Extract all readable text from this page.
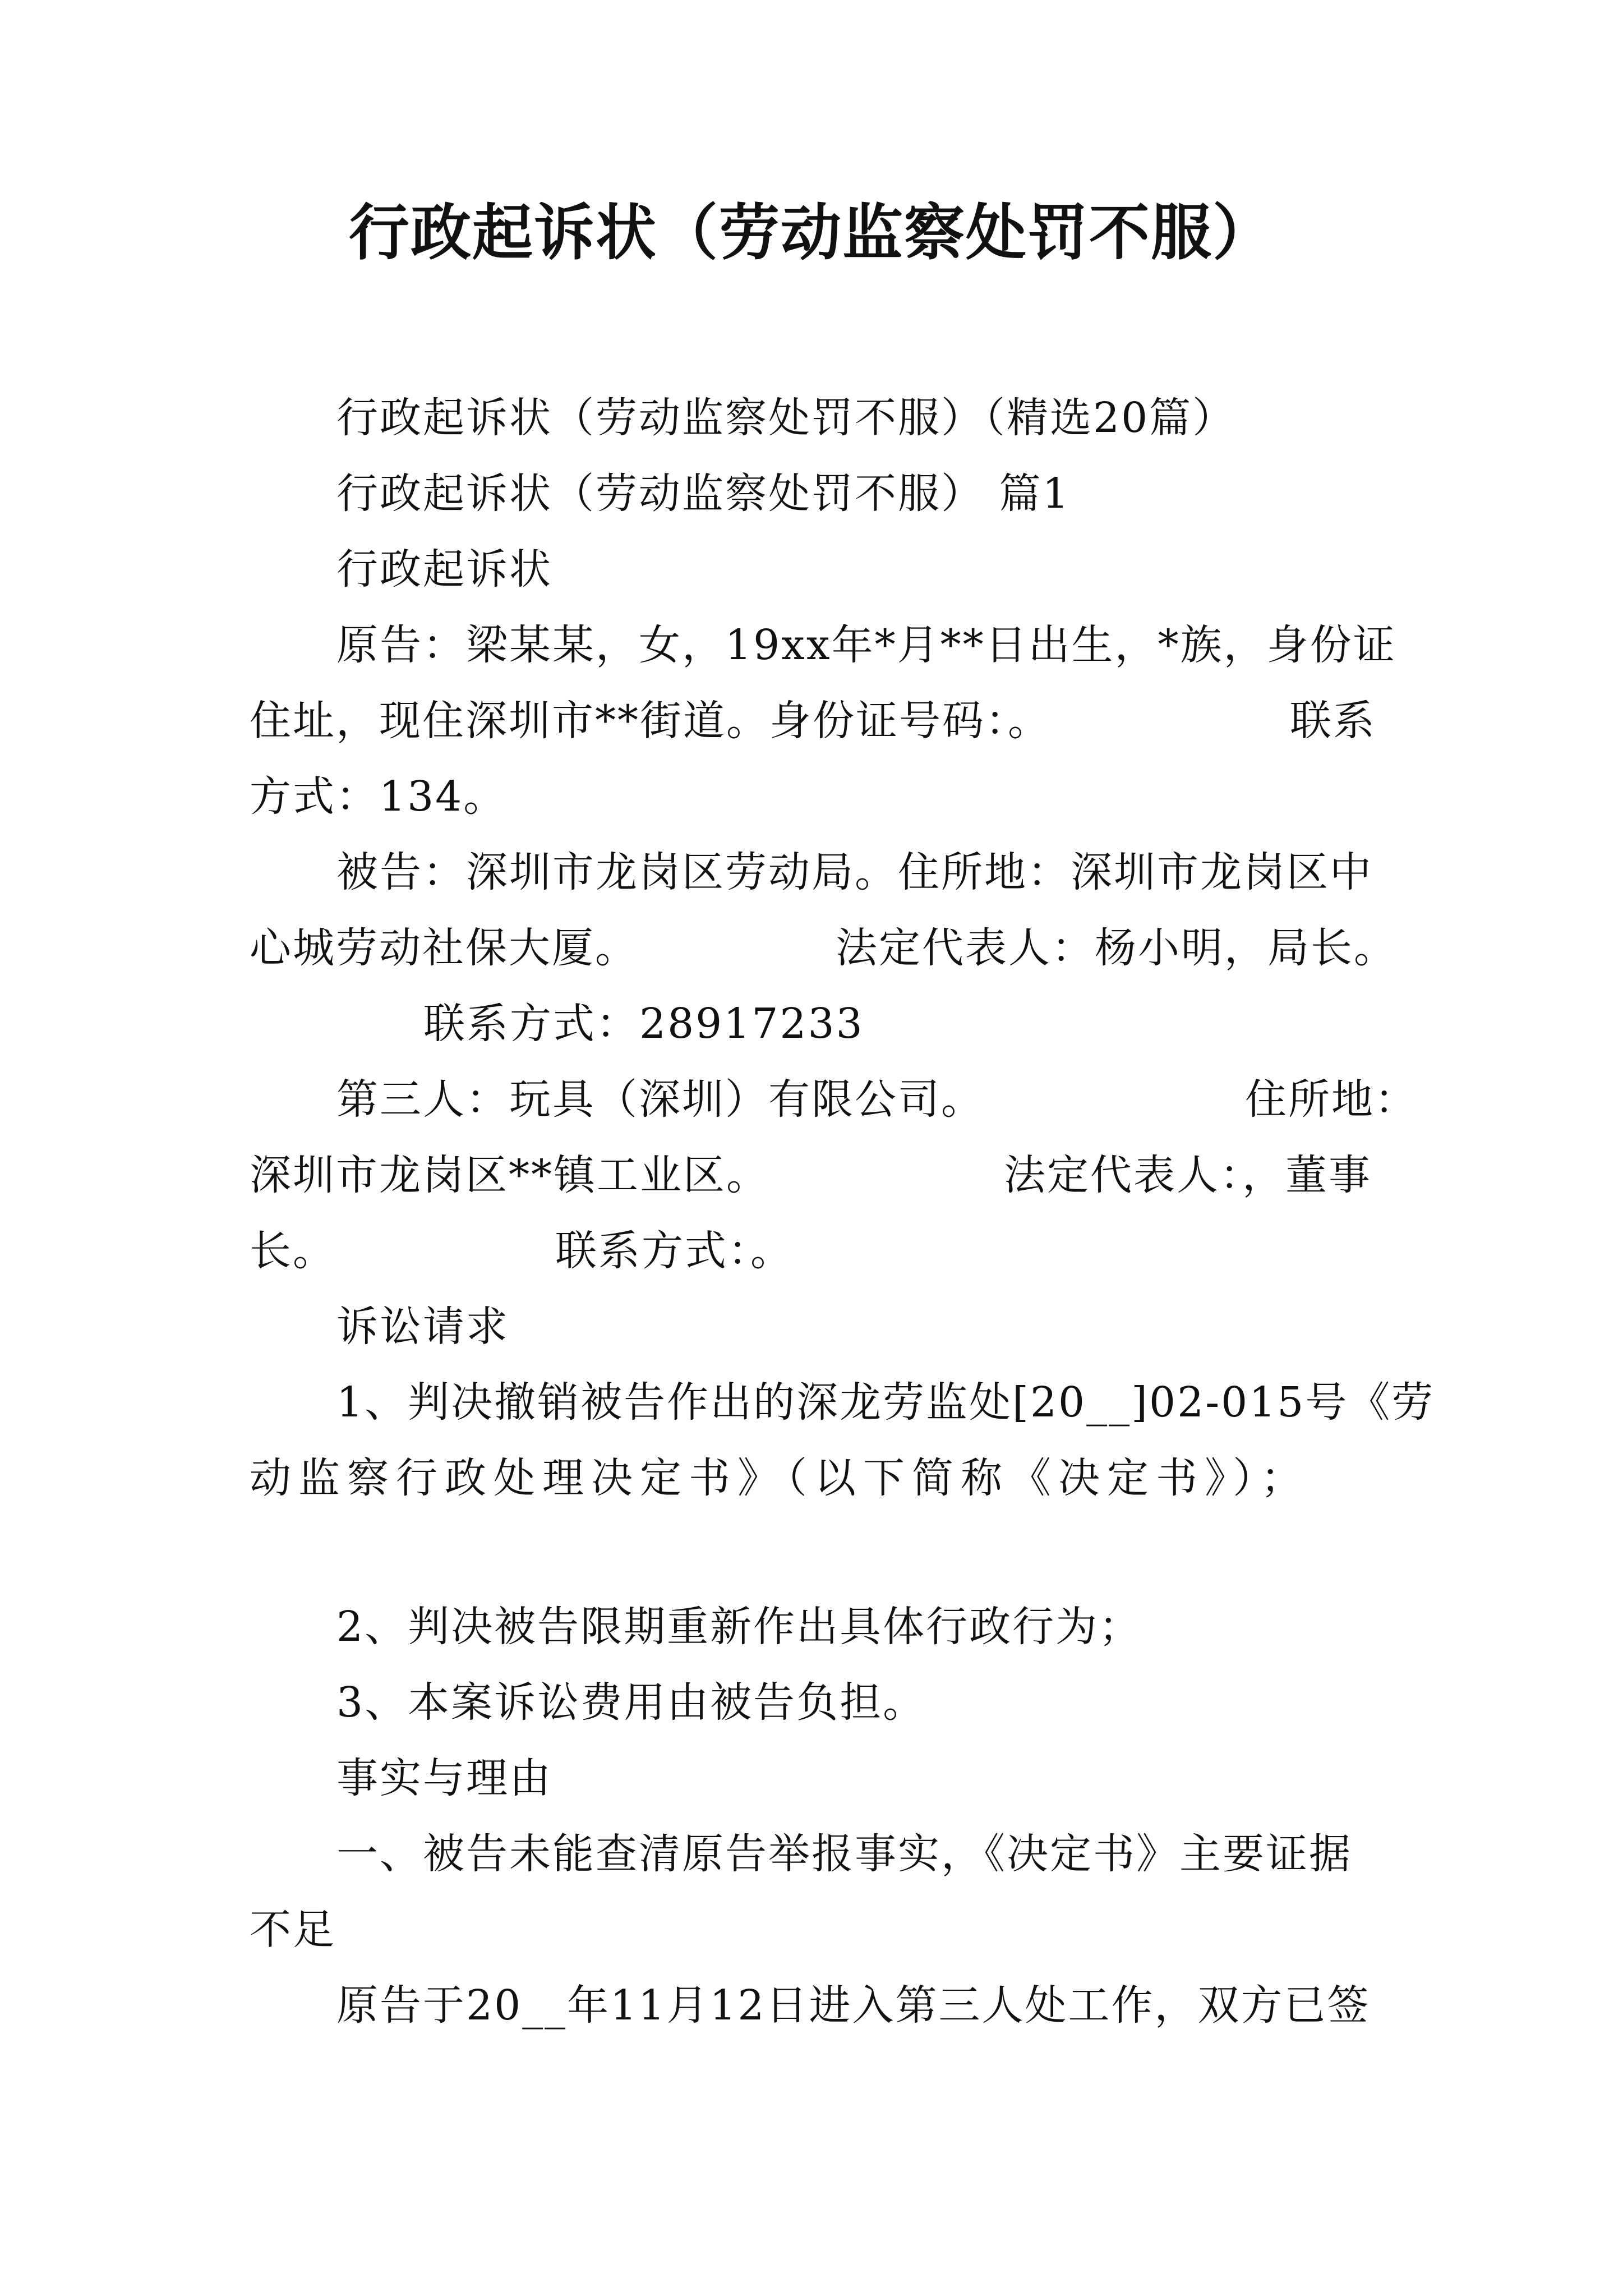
行政起诉状（劳动监察处罚不服）
行政起诉状（劳动监察处罚不服）（精选20篇）
行政起诉状（劳动监察处罚不服） 篇1
行政起诉状
原告：梁某某，女，19xx年*月**日出生，*族，身份证
住址，现住深圳市**街道。身份证号码：。	联系
方式：134。
被告：深圳市龙岗区劳动局。住所地：深圳市龙岗区中
心城劳动社保大厦。	法定代表人：杨小明，局长。
联系方式：28917233
第三人：玩具（深圳）有限公司。	住所地：
深圳市龙岗区**镇工业区。	法定代表人：，董事
长。	联系方式：。
诉讼请求
1、判决撤销被告作出的深龙劳监处[20__]02-015号《劳
动监察行政处理决定书》（以下简称《决定书》）；
2、判决被告限期重新作出具体行政行为；
3、本案诉讼费用由被告负担。
事实与理由
一、被告未能查清原告举报事实，《决定书》主要证据
不足
原告于20__年11月12日进入第三人处工作，双方已签
